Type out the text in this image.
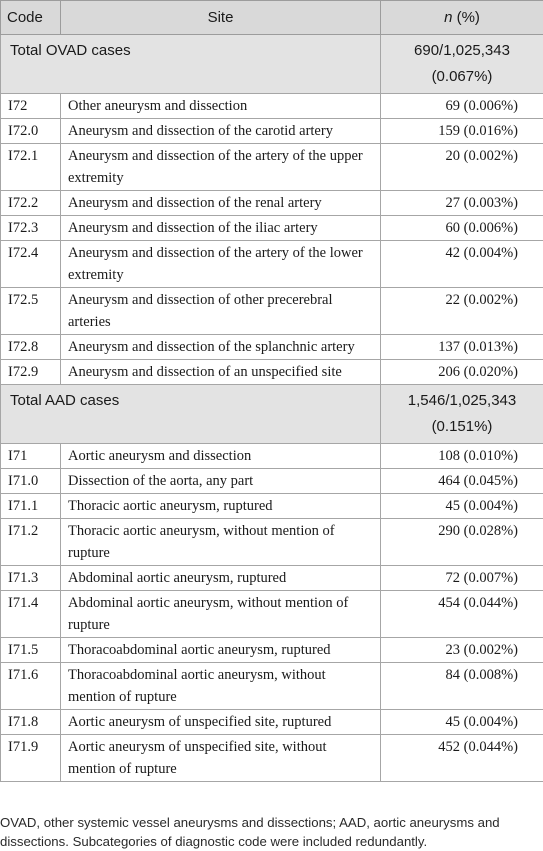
Code	Site	n (%)
Total OVAD cases		690/1,025,343
(0.067%)

I72	Other aneurysm and dissection	69 (0.006%)
I72.0	Aneurysm and dissection of the carotid artery	159 (0.016%)
I72.1	Aneurysm and dissection of the artery of the upper extremity	20 (0.002%)
I72.2	Aneurysm and dissection of the renal artery	27 (0.003%)
I72.3	Aneurysm and dissection of the iliac artery	60 (0.006%)
I72.4	Aneurysm and dissection of the artery of the lower extremity	42 (0.004%)
I72.5	Aneurysm and dissection of other precerebral arteries	22 (0.002%)
I72.8	Aneurysm and dissection of the splanchnic artery	137 (0.013%)
I72.9	Aneurysm and dissection of an unspecified site	206 (0.020%)
Total AAD cases		1,546/1,025,343
(0.151%)

I71	Aortic aneurysm and dissection	108 (0.010%)
I71.0	Dissection of the aorta, any part	464 (0.045%)
I71.1	Thoracic aortic aneurysm, ruptured	45 (0.004%)
I71.2	Thoracic aortic aneurysm, without mention of rupture	290 (0.028%)
I71.3	Abdominal aortic aneurysm, ruptured	72 (0.007%)
I71.4	Abdominal aortic aneurysm, without mention of rupture	454 (0.044%)
I71.5	Thoracoabdominal aortic aneurysm, ruptured	23 (0.002%)
I71.6	Thoracoabdominal aortic aneurysm, without mention of rupture	84 (0.008%)
I71.8	Aortic aneurysm of unspecified site, ruptured	45 (0.004%)
I71.9	Aortic aneurysm of unspecified site, without mention of rupture	452 (0.044%)
OVAD, other systemic vessel aneurysms and dissections; AAD, aortic aneurysms and dissections. Subcategories of diagnostic code were included redundantly.
